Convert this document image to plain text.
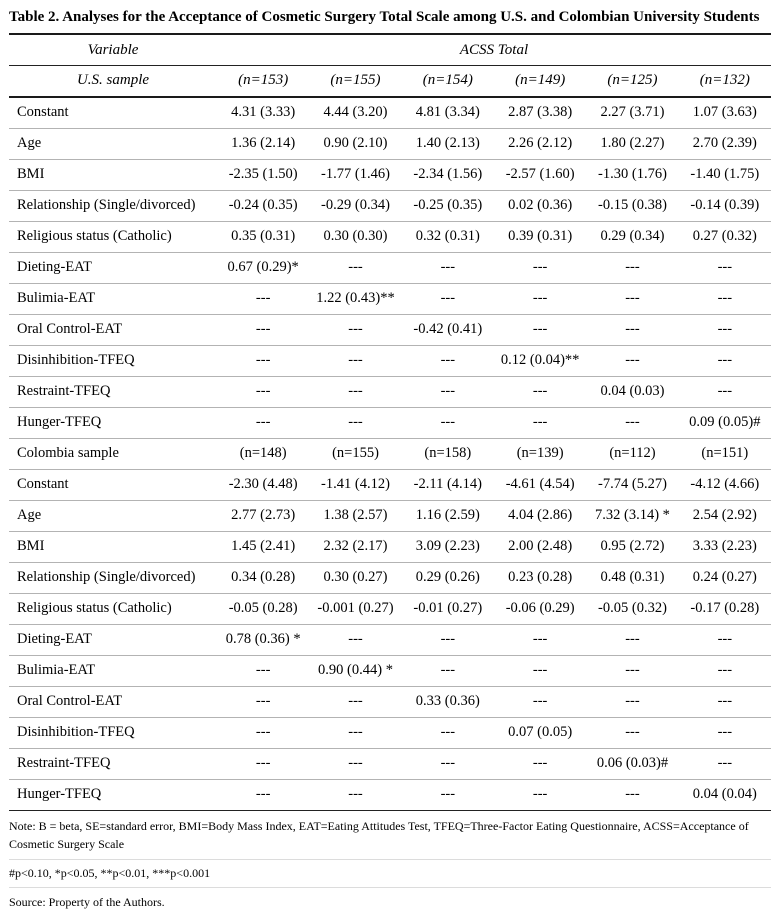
Table 2. Analyses for the Acceptance of Cosmetic Surgery Total Scale among U.S. and Colombian University Students
Variable	ACSS Total					
U.S. sample	(n=153)	(n=155)	(n=154)	(n=149)	(n=125)	(n=132)
Constant	4.31 (3.33)	4.44 (3.20)	4.81 (3.34)	2.87 (3.38)	2.27 (3.71)	1.07 (3.63)
Age	1.36 (2.14)	0.90 (2.10)	1.40 (2.13)	2.26 (2.12)	1.80 (2.27)	2.70 (2.39)
BMI	-2.35 (1.50)	-1.77 (1.46)	-2.34 (1.56)	-2.57 (1.60)	-1.30 (1.76)	-1.40 (1.75)
Relationship (Single/divorced)	-0.24 (0.35)	-0.29 (0.34)	-0.25 (0.35)	0.02 (0.36)	-0.15 (0.38)	-0.14 (0.39)
Religious status (Catholic)	0.35 (0.31)	0.30 (0.30)	0.32 (0.31)	0.39 (0.31)	0.29 (0.34)	0.27 (0.32)
Dieting-EAT	0.67 (0.29)*	---	---	---	---	---
Bulimia-EAT	---	1.22 (0.43)**	---	---	---	---
Oral Control-EAT	---	---	-0.42 (0.41)	---	---	---
Disinhibition-TFEQ	---	---	---	0.12 (0.04)**	---	---
Restraint-TFEQ	---	---	---	---	0.04 (0.03)	---
Hunger-TFEQ	---	---	---	---	---	0.09 (0.05)#
Colombia sample	(n=148)	(n=155)	(n=158)	(n=139)	(n=112)	(n=151)
Constant	-2.30 (4.48)	-1.41 (4.12)	-2.11 (4.14)	-4.61 (4.54)	-7.74 (5.27)	-4.12 (4.66)
Age	2.77 (2.73)	1.38 (2.57)	1.16 (2.59)	4.04 (2.86)	7.32 (3.14) *	2.54 (2.92)
BMI	1.45 (2.41)	2.32 (2.17)	3.09 (2.23)	2.00 (2.48)	0.95 (2.72)	3.33 (2.23)
Relationship (Single/divorced)	0.34 (0.28)	0.30 (0.27)	0.29 (0.26)	0.23 (0.28)	0.48 (0.31)	0.24 (0.27)
Religious status (Catholic)	-0.05 (0.28)	-0.001 (0.27)	-0.01 (0.27)	-0.06 (0.29)	-0.05 (0.32)	-0.17 (0.28)
Dieting-EAT	0.78 (0.36) *	---	---	---	---	---
Bulimia-EAT	---	0.90 (0.44) *	---	---	---	---
Oral Control-EAT	---	---	0.33 (0.36)	---	---	---
Disinhibition-TFEQ	---	---	---	0.07 (0.05)	---	---
Restraint-TFEQ	---	---	---	---	0.06 (0.03)#	---
Hunger-TFEQ	---	---	---	---	---	0.04 (0.04)
Note: B = beta, SE=standard error, BMI=Body Mass Index, EAT=Eating Attitudes Test, TFEQ=Three-Factor Eating Questionnaire, ACSS=Acceptance of Cosmetic Surgery Scale
#p<0.10, *p<0.05, **p<0.01, ***p<0.001
Source: Property of the Authors.
